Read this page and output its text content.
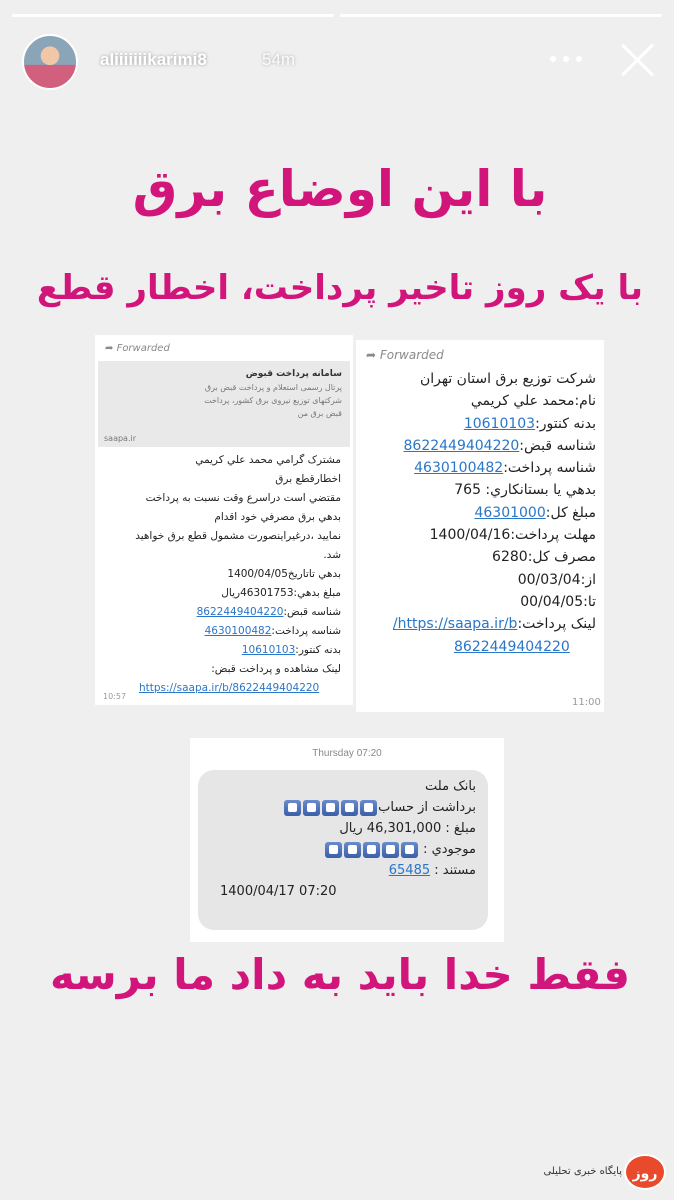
aliiiiiiikarimi8	54m
با این اوضاع برق
با یک روز تاخیر پرداخت، اخطار قطع
➦ Forwarded
سامانه پرداخت قبوض
پرتال رسمی استعلام و پرداخت قبض برق
شرکتهای توزیع نیروی برق کشور، پرداخت
قبض برق من
saapa.ir
مشترک گرامي محمد علي کريمي
اخطارقطع برق
مقتضي است دراسرع وقت نسبت به پرداخت
بدهي برق مصرفي خود اقدام
نمايید ،درغيراينصورت مشمول قطع برق خواهيد
شد.
بدهي تاتاريخ1400/04/05
مبلغ بدهي:46301753ريال
شناسه قبض:8622449404220
شناسه پرداخت:4630100482
بدنه کنتور:10610103
لينک مشاهده و پرداخت قبض:
https://saapa.ir/b/8622449404220
10:57
➦ Forwarded
شرکت توزيع برق استان تهران
نام:محمد علي کريمي
بدنه کنتور:10610103
شناسه قبض:8622449404220
شناسه پرداخت:4630100482
بدهي يا بستانکاري: 765
مبلغ کل:46301000
مهلت پرداخت:1400/04/16
مصرف کل:6280
از:00/03/04
تا:00/04/05
لينک پرداخت:https://saapa.ir/b/
8622449404220
11:00
Thursday 07:20
بانک ملت
برداشت از حساب
مبلغ : 46,301,000 ريال
موجودي :
مستند : 65485
1400/04/17 07:20
فقط خدا باید به داد ما برسه
روز
پایگاه خبری تحلیلی
